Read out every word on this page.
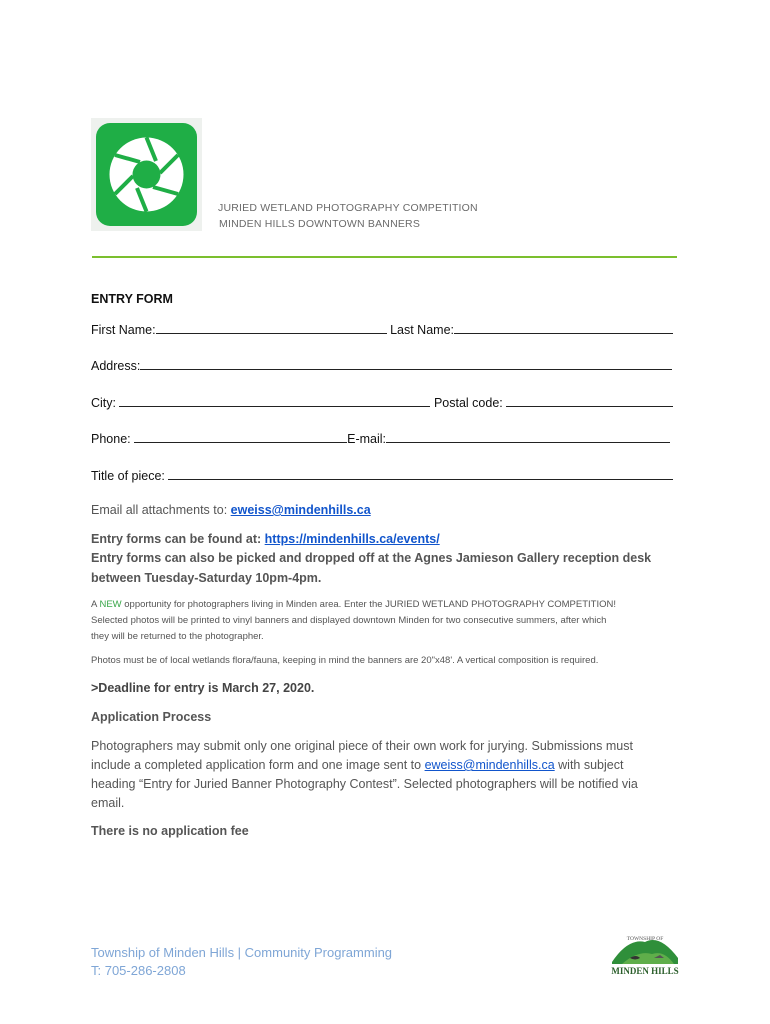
JURIED WETLAND PHOTOGRAPHY COMPETITION
MINDEN HILLS DOWNTOWN BANNERS
ENTRY FORM
First Name:	Last Name:
Address:
City:	Postal code:
Phone:	E-mail:
Title of piece:
Email all attachments to: eweiss@mindenhills.ca
Entry forms can be found at: https://mindenhills.ca/events/
Entry forms can also be picked and dropped off at the Agnes Jamieson Gallery reception desk
between Tuesday-Saturday 10pm-4pm.
A NEW opportunity for photographers living in Minden area. Enter the JURIED WETLAND PHOTOGRAPHY COMPETITION!
Selected photos will be printed to vinyl banners and displayed downtown Minden for two consecutive summers, after which
they will be returned to the photographer.
Photos must be of local wetlands flora/fauna, keeping in mind the banners are 20"x48'. A vertical composition is required.
>Deadline for entry is March 27, 2020.
Application Process
Photographers may submit only one original piece of their own work for jurying. Submissions must
include a completed application form and one image sent to eweiss@mindenhills.ca with subject
heading “Entry for Juried Banner Photography Contest”. Selected photographers will be notified via
email.
There is no application fee
Township of Minden Hills | Community Programming
T: 705-286-2808
TOWNSHIP OF
MINDEN HILLS
